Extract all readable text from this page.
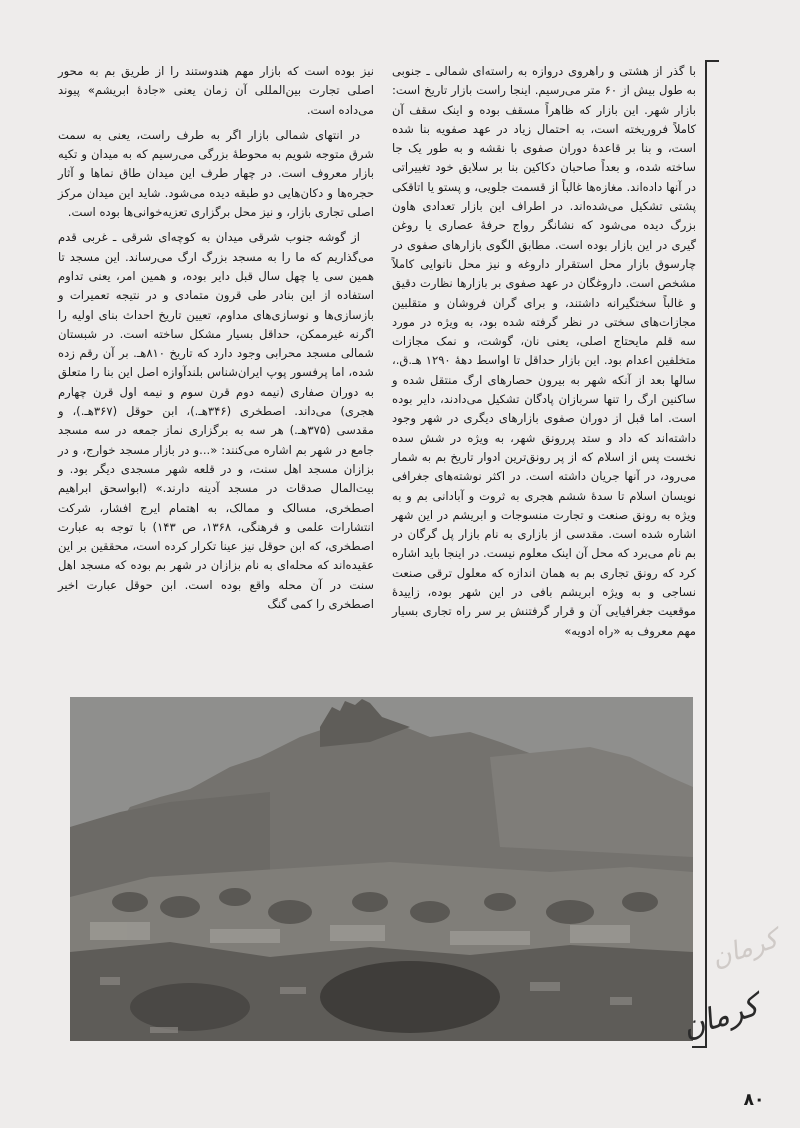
با گذر از هشتی و راهروی دروازه به راسته‌ای شمالی ـ جنوبی به طول بیش از ۶۰ متر می‌رسیم. اینجا راست بازار تاریخ است: بازار شهر. این بازار که ظاهراً مسقف بوده و اینک سقف آن کاملاً فروریخته است، به احتمال زیاد در عهد صفویه بنا شده است، و بنا بر قاعدهٔ دوران صفوی با نقشه و به طور یک جا ساخته شده، و بعداً صاحبان دکاکین بنا بر سلایق خود تغییراتی در آنها داده‌اند. مغازه‌ها غالباً از قسمت جلویی، و پستو یا اتاقکی پشتی تشکیل می‌شده‌اند. در اطراف این بازار تعدادی هاون بزرگ دیده می‌شود که نشانگر رواج حرفهٔ عصاری یا روغن گیری در این بازار بوده است. مطابق الگوی بازارهای صفوی در چارسوق بازار محل استقرار داروغه و نیز محل نانوایی کاملاً مشخص است. داروغگان در عهد صفوی بر بازارها نظارت دقیق و غالباً سختگیرانه داشتند، و برای گران فروشان و متقلبین مجازات‌های سختی در نظر گرفته شده بود، به ویژه در مورد سه قلم مایحتاج اصلی، یعنی نان، گوشت، و نمک مجازات متخلفین اعدام بود. این بازار حداقل تا اواسط دههٔ ۱۲۹۰ هـ.ق.، سالها بعد از آنکه شهر به بیرون حصارهای ارگ منتقل شده و ساکنین ارگ را تنها سربازان پادگان تشکیل می‌دادند، دایر بوده است. اما قبل از دوران صفوی بازارهای دیگری در شهر وجود داشته‌اند که داد و ستد پررونق شهر، به ویژه در شش سده نخست پس از اسلام که از پر رونق‌ترین ادوار تاریخ بم به شمار می‌رود، در آنها جریان داشته است. در اکثر نوشته‌های جغرافی نویسان اسلام تا سدهٔ ششم هجری به ثروت و آبادانی بم و به ویژه به رونق صنعت و تجارت منسوجات و ابریشم در این شهر اشاره شده است. مقدسی از بازاری به نام بازار پل گرگان در بم نام می‌برد که محل آن اینک معلوم نیست. در اینجا باید اشاره کرد که رونق تجاری بم به همان اندازه که معلول ترقی صنعت نساجی و به ویژه ابریشم بافی در این شهر بوده، زاییدهٔ موقعیت جغرافیایی آن و قرار گرفتنش بر سر راه تجاری بسیار مهم معروف به «راه ادویه»

نیز بوده است که بازار مهم هندوستند را از طریق بم به محور اصلی تجارت بین‌المللی آن زمان یعنی «جادهٔ ابریشم» پیوند می‌داده است.

در انتهای شمالی بازار اگر به طرف راست، یعنی به سمت شرق متوجه شویم به محوطهٔ بزرگی می‌رسیم که به میدان و تکیه بازار معروف است. در چهار طرف این میدان طاق نماها و آثار حجره‌ها و دکان‌هایی دو طبقه دیده می‌شود. شاید این میدان مرکز اصلی تجاری بازار، و نیز محل برگزاری تعزیه‌خوانی‌ها بوده است.

از گوشه جنوب شرقی میدان به کوچه‌ای شرقی ـ غربی قدم می‌گذاریم که ما را به مسجد بزرگ ارگ می‌رساند. این مسجد تا همین سی یا چهل سال قبل دایر بوده، و همین امر، یعنی تداوم استفاده از این بنادر طی قرون متمادی و در نتیجه تعمیرات و بازسازی‌ها و نوسازی‌های مداوم، تعیین تاریخ احداث بنای اولیه را اگرنه غیرممکن، حداقل بسیار مشکل ساخته است. در شبستان شمالی مسجد محرابی وجود دارد که تاریخ ۸۱۰هـ. بر آن رقم زده شده، اما پرفسور پوپ ایران‌شناس بلندآوازه اصل این بنا را متعلق به دوران صفاری (نیمه دوم قرن سوم و نیمه اول قرن چهارم هجری) می‌داند. اصطخری (۳۴۶هـ.)، ابن حوقل (۳۶۷هـ.)، و مقدسی (۳۷۵هـ.) هر سه به برگزاری نماز جمعه در سه مسجد جامع در شهر بم اشاره می‌کنند: «...و در بازار مسجد خوارج، و در بزازان مسجد اهل سنت، و در قلعه شهر مسجدی دیگر بود. و بیت‌المال صدقات در مسجد آدینه دارند.» (ابواسحق ابراهیم اصطخری، مسالک و ممالک، به اهتمام ایرج افشار، شرکت انتشارات علمی و فرهنگی، ۱۳۶۸، ص ۱۴۳) با توجه به عبارت اصطخری، که ابن حوقل نیز عینا تکرار کرده است، محققین بر این عقیده‌اند که محله‌ای به نام بزازان در شهر بم بوده که مسجد اهل سنت در آن محله واقع بوده است. ابن حوقل عبارت اخیر اصطخری را کمی گنگ

کرمان
کرمان
۸۰
